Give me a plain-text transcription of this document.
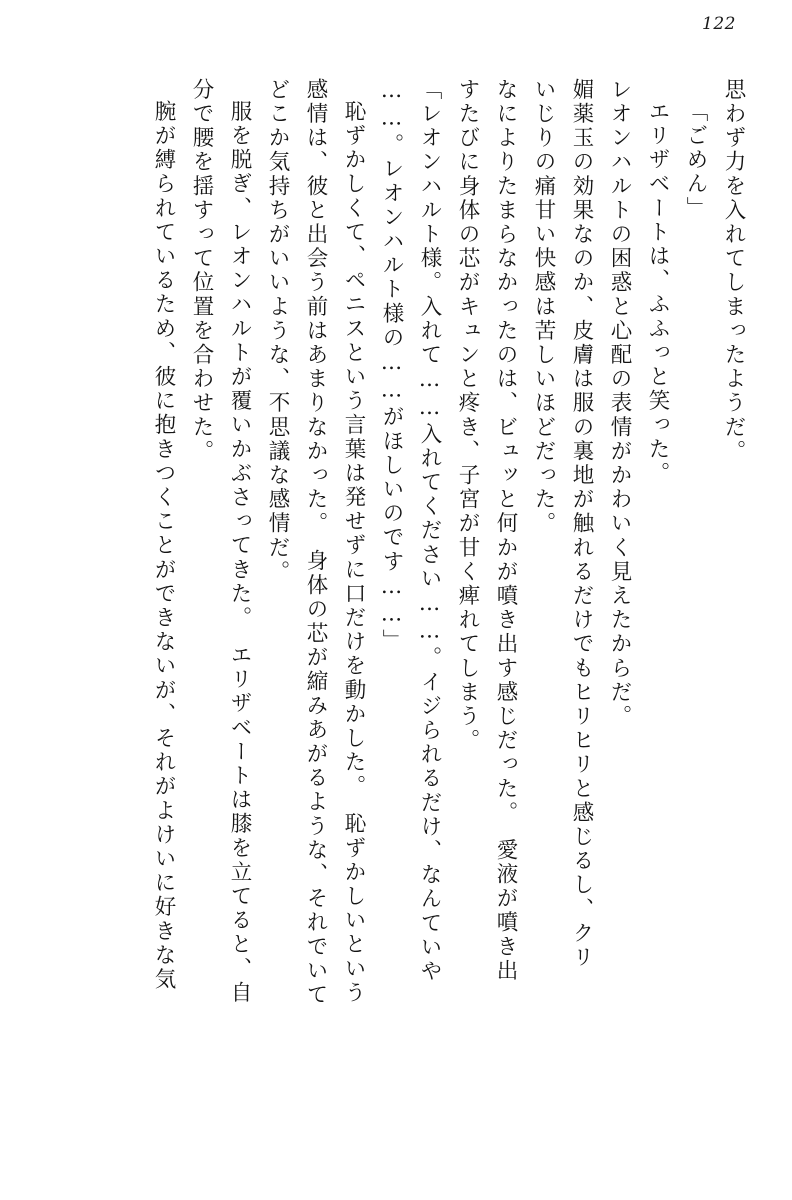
122
思わず力を入れてしまったようだ。
「ごめん」
エリザベートは、ふふっと笑った。
レオンハルトの困惑と心配の表情がかわいく見えたからだ。
媚薬玉の効果なのか、皮膚は服の裏地が触れるだけでもヒリヒリと感じるし、クリ
いじりの痛甘い快感は苦しいほどだった。
なによりたまらなかったのは、ビュッと何かが噴き出す感じだった。　愛液が噴き出
すたびに身体の芯がキュンと疼き、子宮が甘く痺れてしまう。
「レオンハルト様。入れて……入れてください……。イジられるだけ、なんていや
……。レオンハルト様の……がほしいのです……」
恥ずかしくて、ペニスという言葉は発せずに口だけを動かした。　恥ずかしいという
感情は、彼と出会う前はあまりなかった。　身体の芯が縮みあがるような、それでいて
どこか気持ちがいいような、不思議な感情だ。
服を脱ぎ、レオンハルトが覆いかぶさってきた。　エリザベートは膝を立てると、自
分で腰を揺すって位置を合わせた。
腕が縛られているため、彼に抱きつくことができないが、それがよけいに好きな気
